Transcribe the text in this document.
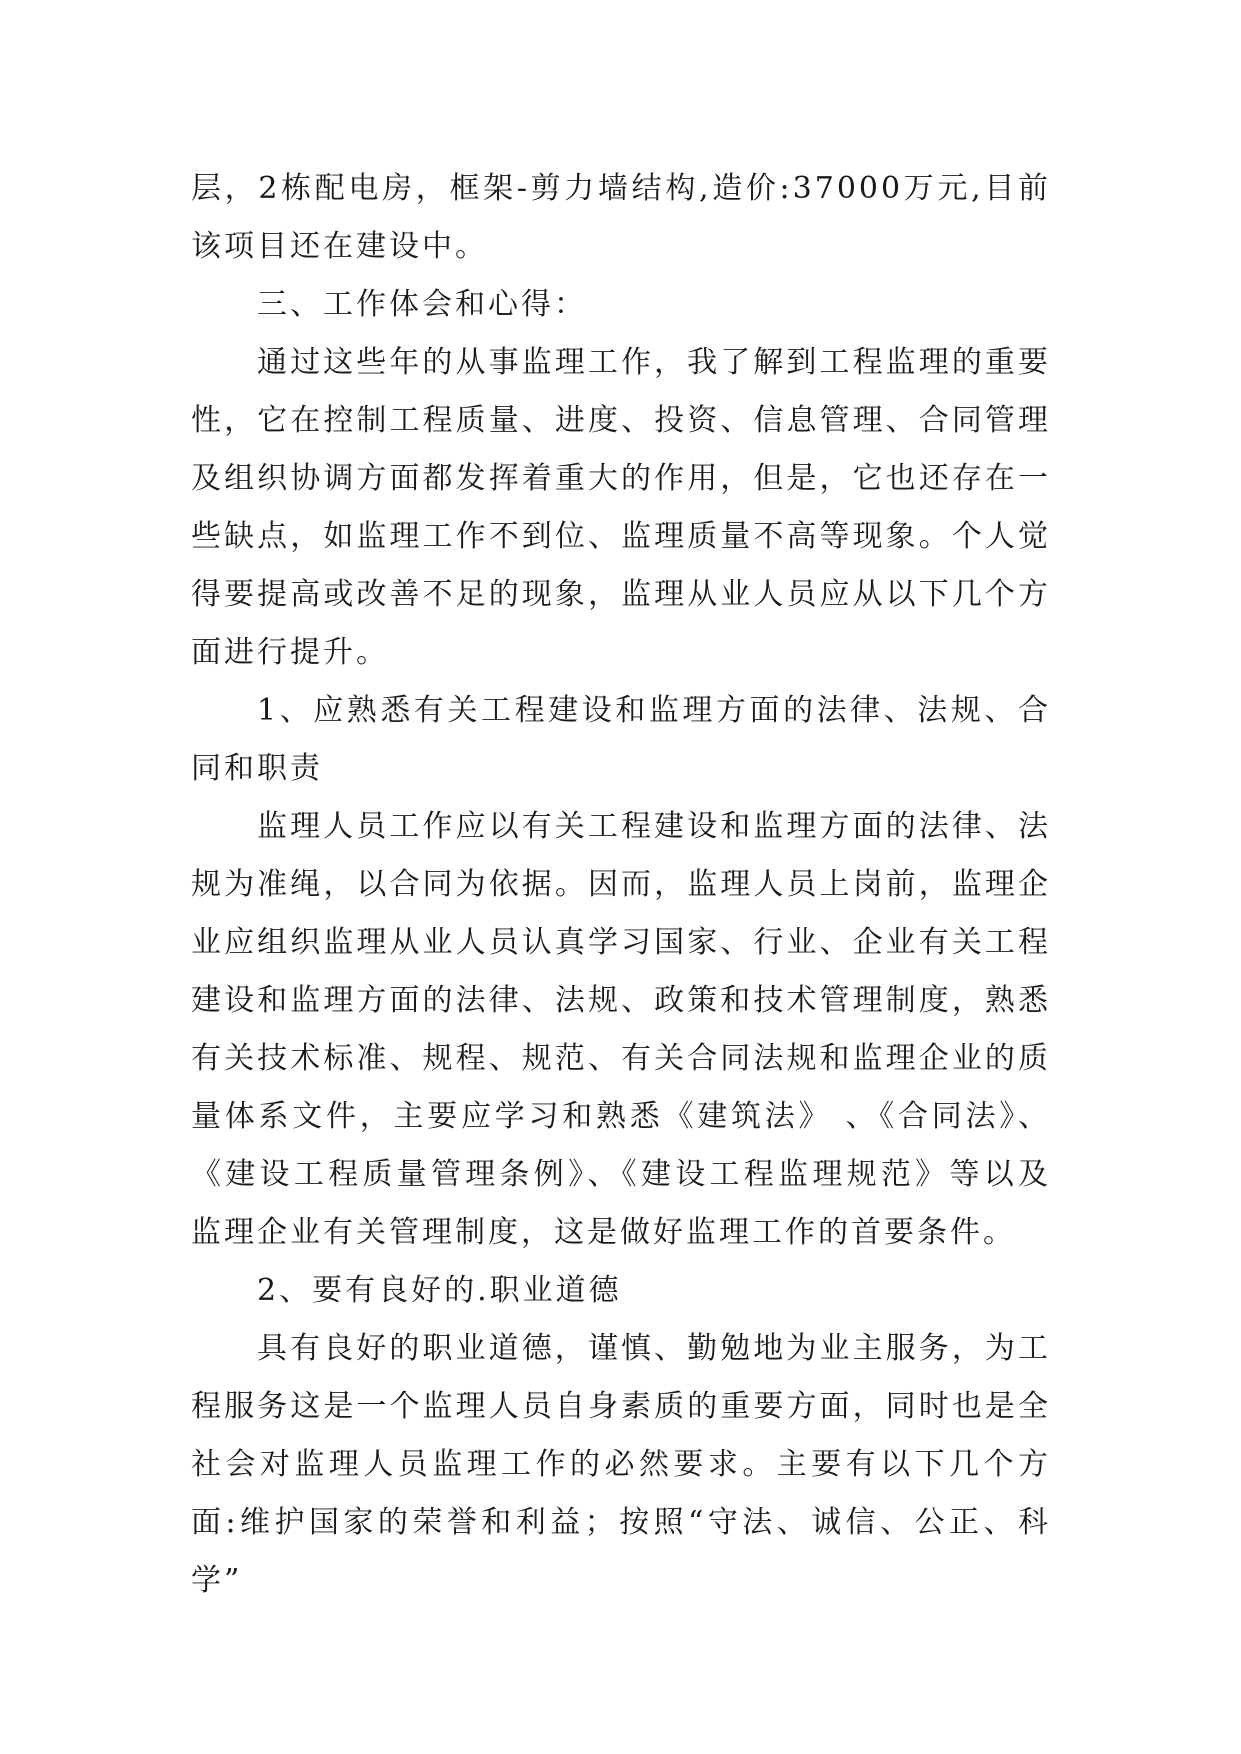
层，2栋配电房，框架-剪力墙结构,造价:37000万元,目前该项目还在建设中。

三、工作体会和心得：

通过这些年的从事监理工作，我了解到工程监理的重要性，它在控制工程质量、进度、投资、信息管理、合同管理及组织协调方面都发挥着重大的作用，但是，它也还存在一些缺点，如监理工作不到位、监理质量不高等现象。个人觉得要提高或改善不足的现象，监理从业人员应从以下几个方面进行提升。

1、应熟悉有关工程建设和监理方面的法律、法规、合同和职责

监理人员工作应以有关工程建设和监理方面的法律、法规为准绳，以合同为依据。因而，监理人员上岗前，监理企业应组织监理从业人员认真学习国家、行业、企业有关工程建设和监理方面的法律、法规、政策和技术管理制度，熟悉有关技术标准、规程、规范、有关合同法规和监理企业的质量体系文件，主要应学习和熟悉《建筑法》 、《合同法》、《建设工程质量管理条例》、《建设工程监理规范》等以及监理企业有关管理制度，这是做好监理工作的首要条件。

2、要有良好的.职业道德

具有良好的职业道德，谨慎、勤勉地为业主服务，为工程服务这是一个监理人员自身素质的重要方面，同时也是全社会对监理人员监理工作的必然要求。主要有以下几个方面:维护国家的荣誉和利益；按照“守法、诚信、公正、科学”
